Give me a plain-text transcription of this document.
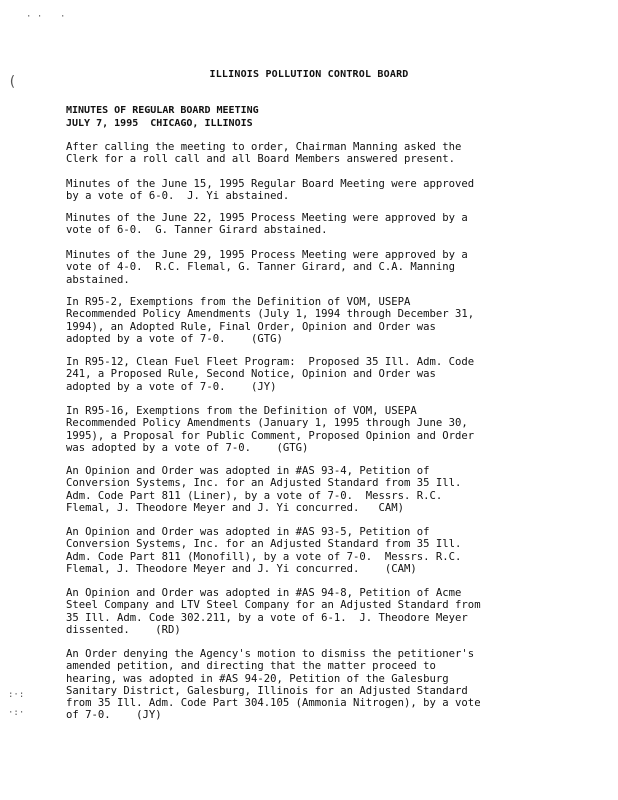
· · ·
(
:·:
·:·
ILLINOIS POLLUTION CONTROL BOARD
MINUTES OF REGULAR BOARD MEETING
JULY 7, 1995  CHICAGO, ILLINOIS
After calling the meeting to order, Chairman Manning asked the
Clerk for a roll call and all Board Members answered present.
Minutes of the June 15, 1995 Regular Board Meeting were approved
by a vote of 6-0.  J. Yi abstained.
Minutes of the June 22, 1995 Process Meeting were approved by a
vote of 6-0.  G. Tanner Girard abstained.
Minutes of the June 29, 1995 Process Meeting were approved by a
vote of 4-0.  R.C. Flemal, G. Tanner Girard, and C.A. Manning
abstained.
In R95-2, Exemptions from the Definition of VOM, USEPA
Recommended Policy Amendments (July 1, 1994 through December 31,
1994), an Adopted Rule, Final Order, Opinion and Order was
adopted by a vote of 7-0.    (GTG)
In R95-12, Clean Fuel Fleet Program:  Proposed 35 Ill. Adm. Code
241, a Proposed Rule, Second Notice, Opinion and Order was
adopted by a vote of 7-0.    (JY)
In R95-16, Exemptions from the Definition of VOM, USEPA
Recommended Policy Amendments (January 1, 1995 through June 30,
1995), a Proposal for Public Comment, Proposed Opinion and Order
was adopted by a vote of 7-0.    (GTG)
An Opinion and Order was adopted in #AS 93-4, Petition of
Conversion Systems, Inc. for an Adjusted Standard from 35 Ill.
Adm. Code Part 811 (Liner), by a vote of 7-0.  Messrs. R.C.
Flemal, J. Theodore Meyer and J. Yi concurred.   CAM)
An Opinion and Order was adopted in #AS 93-5, Petition of
Conversion Systems, Inc. for an Adjusted Standard from 35 Ill.
Adm. Code Part 811 (Monofill), by a vote of 7-0.  Messrs. R.C.
Flemal, J. Theodore Meyer and J. Yi concurred.    (CAM)
An Opinion and Order was adopted in #AS 94-8, Petition of Acme
Steel Company and LTV Steel Company for an Adjusted Standard from
35 Ill. Adm. Code 302.211, by a vote of 6-1.  J. Theodore Meyer
dissented.    (RD)
An Order denying the Agency's motion to dismiss the petitioner's
amended petition, and directing that the matter proceed to
hearing, was adopted in #AS 94-20, Petition of the Galesburg
Sanitary District, Galesburg, Illinois for an Adjusted Standard
from 35 Ill. Adm. Code Part 304.105 (Ammonia Nitrogen), by a vote
of 7-0.    (JY)
